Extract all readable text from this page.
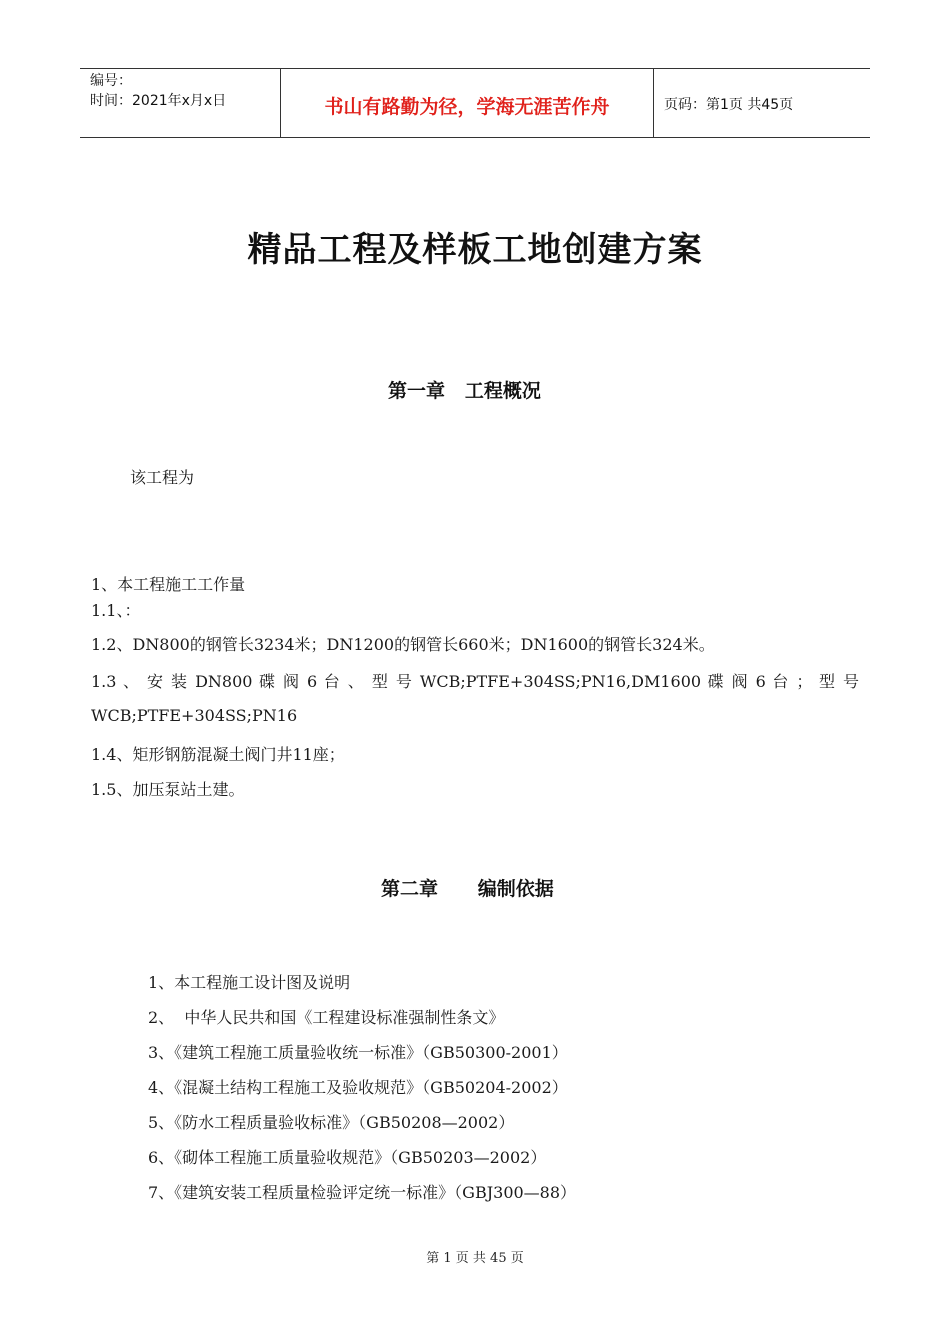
编号：
时间：2021年x月x日	书山有路勤为径，学海无涯苦作舟	页码：第1页 共45页
精品工程及样板工地创建方案
第一章   工程概况
该工程为
1、本工程施工工作量
1.1、：
1.2、DN800的钢管长3234米；DN1200的钢管长660米；DN1600的钢管长324米。
1.3 、 安 装 DN800 碟 阀 6 台 、 型 号 WCB;PTFE+304SS;PN16,DM1600 碟 阀 6 台 ； 型 号
WCB;PTFE+304SS;PN16
1.4、矩形钢筋混凝土阀门井11座；
1.5、加压泵站土建。
第二章      编制依据
1、本工程施工设计图及说明
2、  中华人民共和国《工程建设标准强制性条文》
3、《建筑工程施工质量验收统一标准》（GB50300-2001）
4、《混凝土结构工程施工及验收规范》（GB50204-2002）
5、《防水工程质量验收标准》（GB50208—2002）
6、《砌体工程施工质量验收规范》（GB50203—2002）
7、《建筑安装工程质量检验评定统一标准》（GBJ300—88）
第 1 页 共 45 页
